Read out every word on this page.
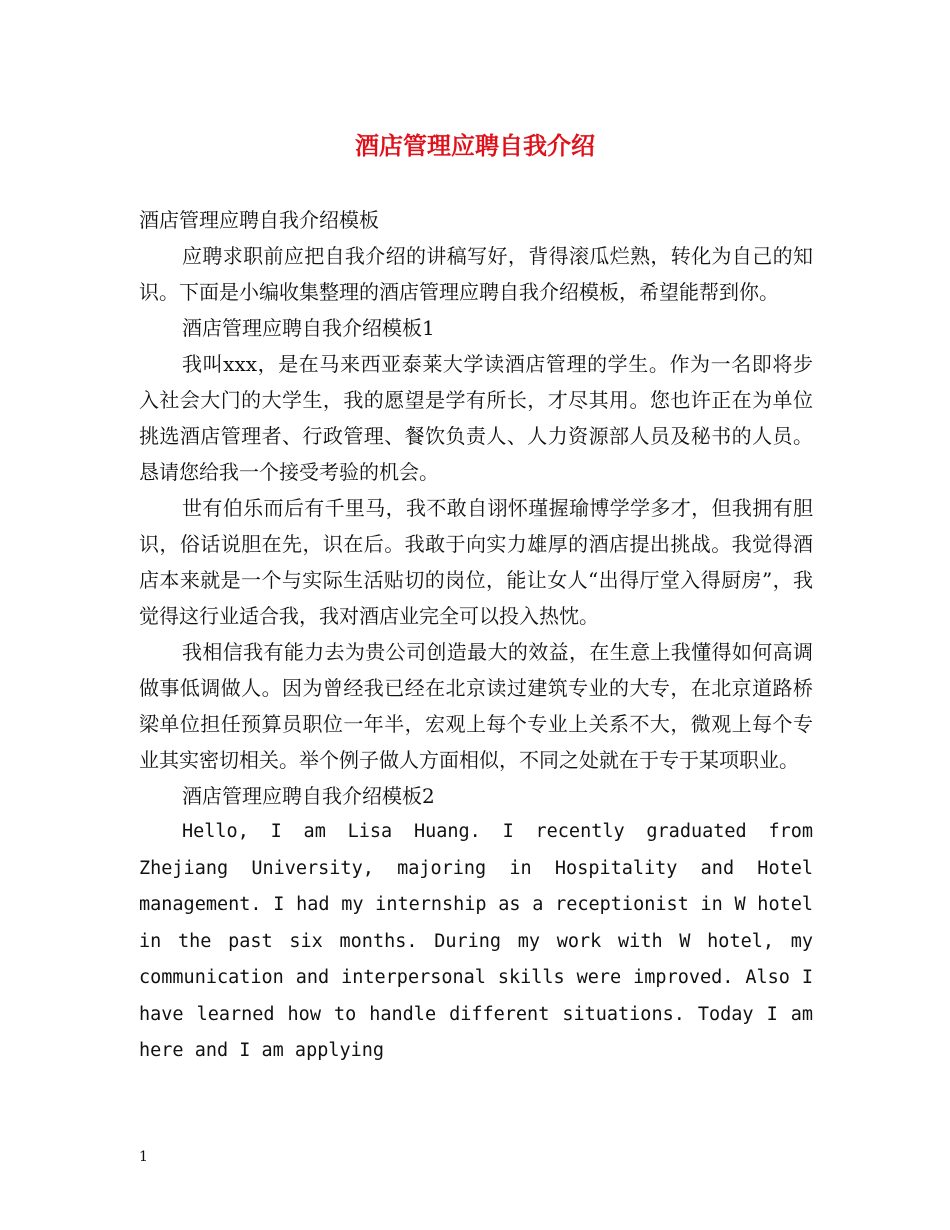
酒店管理应聘自我介绍

酒店管理应聘自我介绍模板

应聘求职前应把自我介绍的讲稿写好，背得滚瓜烂熟，转化为自己的知识。下面是小编收集整理的酒店管理应聘自我介绍模板，希望能帮到你。

酒店管理应聘自我介绍模板1

我叫xxx，是在马来西亚泰莱大学读酒店管理的学生。作为一名即将步入社会大门的大学生，我的愿望是学有所长，才尽其用。您也许正在为单位挑选酒店管理者、行政管理、餐饮负责人、人力资源部人员及秘书的人员。恳请您给我一个接受考验的机会。

世有伯乐而后有千里马，我不敢自诩怀瑾握瑜博学学多才，但我拥有胆识，俗话说胆在先，识在后。我敢于向实力雄厚的酒店提出挑战。我觉得酒店本来就是一个与实际生活贴切的岗位，能让女人“出得厅堂入得厨房”，我觉得这行业适合我，我对酒店业完全可以投入热忱。

我相信我有能力去为贵公司创造最大的效益，在生意上我懂得如何高调做事低调做人。因为曾经我已经在北京读过建筑专业的大专，在北京道路桥梁单位担任预算员职位一年半，宏观上每个专业上关系不大，微观上每个专业其实密切相关。举个例子做人方面相似，不同之处就在于专于某项职业。

酒店管理应聘自我介绍模板2

Hello, I am Lisa Huang. I recently graduated from Zhejiang University, majoring in Hospitality and Hotel management. I had my internship as a receptionist in W hotel in the past six months. During my work with W hotel, my communication and interpersonal skills were improved. Also I have learned how to handle different situations. Today I am here and I am applying

1
